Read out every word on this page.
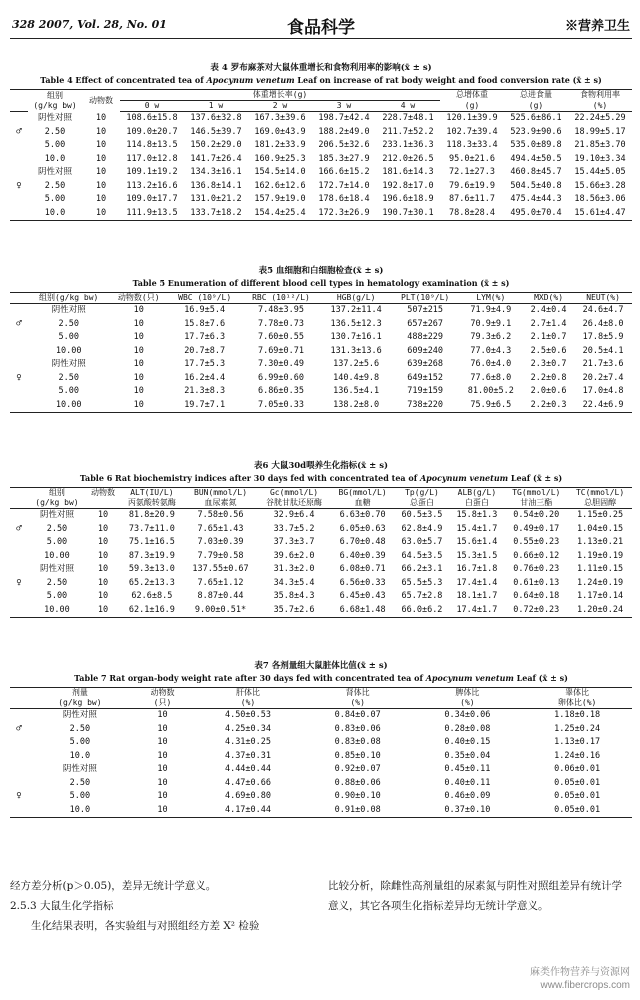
328 2007, Vol. 28, No. 01	食品科学	※营养卫生
表 4 罗布麻茶对大鼠体重增长和食物利用率的影响(x̄ ± s)
Table 4 Effect of concentrated tea of Apocynum venetum Leaf on increase of rat body weight and food conversion rate (x̄ ± s)
	组别
(g/kg bw)	动物数	体重增长率(g)					总增体重	总进食量	食物利用率
			0 w	1 w	2 w	3 w	4 w	(g)	(g)	(%)
	阴性对照	10	108.6±15.8	137.6±32.8	167.3±39.6	198.7±42.4	228.7±48.1	120.1±39.9	525.6±86.1	22.24±5.29
♂	2.50	10	109.0±20.7	146.5±39.7	169.0±43.9	188.2±49.0	211.7±52.2	102.7±39.4	523.9±90.6	18.99±5.17
	5.00	10	114.8±13.5	150.2±29.0	181.2±33.9	206.5±32.6	233.1±36.3	118.3±33.4	535.0±89.8	21.85±3.70
	10.0	10	117.0±12.8	141.7±26.4	160.9±25.3	185.3±27.9	212.0±26.5	95.0±21.6	494.4±50.5	19.10±3.34
	阴性对照	10	109.1±19.2	134.3±16.1	154.5±14.0	166.6±15.2	181.6±14.3	72.1±27.3	460.8±45.7	15.44±5.05
♀	2.50	10	113.2±16.6	136.8±14.1	162.6±12.6	172.7±14.0	192.8±17.0	79.6±19.9	504.5±40.8	15.66±3.28
	5.00	10	109.0±17.7	131.0±21.2	157.9±19.0	178.6±18.4	196.6±18.9	87.6±11.7	475.4±44.3	18.56±3.06
	10.0	10	111.9±13.5	133.7±18.2	154.4±25.4	172.3±26.9	190.7±30.1	78.8±28.4	495.0±70.4	15.61±4.47
表5 血细胞和白细胞检查(x̄ ± s)
Table 5 Enumeration of different blood cell types in hematology examination (x̄ ± s)
	组别(g/kg bw)	动物数(只)	WBC (10⁹/L)	RBC (10¹²/L)	HGB(g/L)	PLT(10⁹/L)	LYM(%)	MXD(%)	NEUT(%)
	阴性对照	10	16.9±5.4	7.48±3.95	137.2±11.4	507±215	71.9±4.9	2.4±0.4	24.6±4.7
♂	2.50	10	15.8±7.6	7.78±0.73	136.5±12.3	657±267	70.9±9.1	2.7±1.4	26.4±8.0
	5.00	10	17.7±6.3	7.60±0.55	130.7±16.1	488±229	79.3±6.2	2.1±0.7	17.8±5.9
	10.00	10	20.7±8.7	7.69±0.71	131.3±13.6	609±240	77.0±4.3	2.5±0.6	20.5±4.1
	阴性对照	10	17.7±5.3	7.30±0.49	137.2±5.6	639±268	76.0±4.0	2.3±0.7	21.7±3.6
♀	2.50	10	16.2±4.4	6.99±0.60	140.4±9.8	649±152	77.6±8.0	2.2±0.8	20.2±7.4
	5.00	10	21.3±8.3	6.86±0.35	136.5±4.1	719±159	81.00±5.2	2.0±0.6	17.0±4.8
	10.00	10	19.7±7.1	7.05±0.33	138.2±8.0	738±220	75.9±6.5	2.2±0.3	22.4±6.9
表6 大鼠30d喂养生化指标(x̄ ± s)
Table 6 Rat biochemistry indices after 30 days fed with concentrated tea of Apocynum venetum Leaf (x̄ ± s)
	组别	动物数	ALT(IU/L)	BUN(mmol/L)	Gc(mmol/L)	BG(mmol/L)	Tp(g/L)	ALB(g/L)	TG(mmol/L)	TC(mmol/L)
	(g/kg bw)		丙氨酸转氨酶	血尿素氮	谷胱甘肽还原酶	血糖	总蛋白	白蛋白	甘油三酯	总胆固醇
	阴性对照	10	81.8±20.9	7.58±0.56	32.9±6.4	6.63±0.70	60.5±3.5	15.8±1.3	0.54±0.20	1.15±0.25
♂	2.50	10	73.7±11.0	7.65±1.43	33.7±5.2	6.05±0.63	62.8±4.9	15.4±1.7	0.49±0.17	1.04±0.15
	5.00	10	75.1±16.5	7.03±0.39	37.3±3.7	6.70±0.48	63.0±5.7	15.6±1.4	0.55±0.23	1.13±0.21
	10.00	10	87.3±19.9	7.79±0.58	39.6±2.0	6.40±0.39	64.5±3.5	15.3±1.5	0.66±0.12	1.19±0.19
	阴性对照	10	59.3±13.0	137.55±0.67	31.3±2.0	6.08±0.71	66.2±3.1	16.7±1.8	0.76±0.23	1.11±0.15
♀	2.50	10	65.2±13.3	7.65±1.12	34.3±5.4	6.56±0.33	65.5±5.3	17.4±1.4	0.61±0.13	1.24±0.19
	5.00	10	62.6±8.5	8.87±0.44	35.8±4.3	6.45±0.43	65.7±2.8	18.1±1.7	0.64±0.18	1.17±0.14
	10.00	10	62.1±16.9	9.00±0.51*	35.7±2.6	6.68±1.48	66.0±6.2	17.4±1.7	0.72±0.23	1.20±0.24
表7 各剂量组大鼠脏体比值(x̄ ± s)
Table 7 Rat organ-body weight rate after 30 days fed with concentrated tea of Apocynum venetum Leaf (x̄ ± s)
	剂量	动物数	肝体比	肾体比	脾体比	睾体比
	(g/kg bw)	(只)	(%)	(%)	(%)	卵体比(%)
	阴性对照	10	4.50±0.53	0.84±0.07	0.34±0.06	1.18±0.18
♂	2.50	10	4.25±0.34	0.83±0.06	0.28±0.08	1.25±0.24
	5.00	10	4.31±0.25	0.83±0.08	0.40±0.15	1.13±0.17
	10.0	10	4.37±0.31	0.85±0.10	0.35±0.04	1.24±0.16
	阴性对照	10	4.44±0.44	0.92±0.07	0.45±0.11	0.06±0.01
	2.50	10	4.47±0.66	0.88±0.06	0.40±0.11	0.05±0.01
♀	5.00	10	4.69±0.80	0.90±0.10	0.46±0.09	0.05±0.01
	10.0	10	4.17±0.44	0.91±0.08	0.37±0.10	0.05±0.01

经方差分析(p＞0.05)，差异无统计学意义。

2.5.3 大鼠生化学指标

生化结果表明，各实验组与对照组经方差 X² 检验

比较分析，除雌性高剂量组的尿素氮与阴性对照组差异有统计学意义，其它各项生化指标差异均无统计学意义。

麻类作物营养与资源网
www.fibercrops.com
